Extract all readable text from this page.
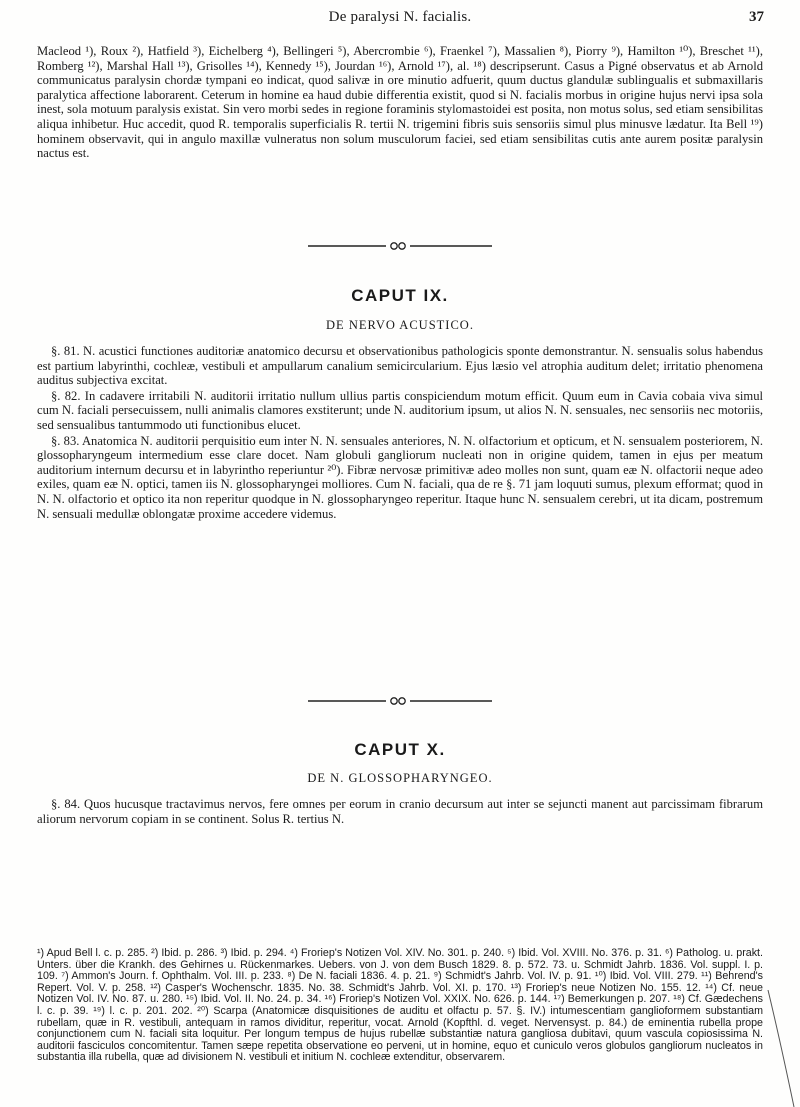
De paralysi N. facialis.	37

Macleod ¹), Roux ²), Hatfield ³), Eichelberg ⁴), Bellingeri ⁵), Abercrombie ⁶), Fraenkel ⁷), Massalien ⁸), Piorry ⁹), Hamilton ¹⁰), Breschet ¹¹), Romberg ¹²), Marshal Hall ¹³), Grisolles ¹⁴), Kennedy ¹⁵), Jourdan ¹⁶), Arnold ¹⁷), al. ¹⁸) descripserunt. Casus a Pigné observatus et ab Arnold communicatus paralysin chordæ tympani eo indicat, quod salivæ in ore minutio adfuerit, quum ductus glandulæ sublingualis et submaxillaris paralytica affectione laborarent. Ceterum in homine ea haud dubie differentia existit, quod si N. facialis morbus in origine hujus nervi ipsa sola inest, sola motuum paralysis existat. Sin vero morbi sedes in regione foraminis stylomastoidei est posita, non motus solus, sed etiam sensibilitas aliqua inhibetur. Huc accedit, quod R. temporalis superficialis R. tertii N. trigemini fibris suis sensoriis simul plus minusve lædatur. Ita Bell ¹⁹) hominem observavit, qui in angulo maxillæ vulneratus non solum musculorum faciei, sed etiam sensibilitas cutis ante aurem positæ paralysin nactus est.

CAPUT IX.
DE NERVO ACUSTICO.

§. 81. N. acustici functiones auditoriæ anatomico decursu et observationibus pathologicis sponte demonstrantur. N. sensualis solus habendus est partium labyrinthi, cochleæ, vestibuli et ampullarum canalium semicircularium. Ejus læsio vel atrophia auditum delet; irritatio phenomena auditus subjectiva excitat.

§. 82. In cadavere irritabili N. auditorii irritatio nullum ullius partis conspiciendum motum efficit. Quum eum in Cavia cobaia viva simul cum N. faciali persecuissem, nulli animalis clamores exstiterunt; unde N. auditorium ipsum, ut alios N. N. sensuales, nec sensoriis nec motoriis, sed sensualibus tantummodo uti functionibus elucet.

§. 83. Anatomica N. auditorii perquisitio eum inter N. N. sensuales anteriores, N. N. olfactorium et opticum, et N. sensualem posteriorem, N. glossopharyngeum intermedium esse clare docet. Nam globuli gangliorum nucleati non in origine quidem, tamen in ejus per meatum auditorium internum decursu et in labyrintho reperiuntur ²⁰). Fibræ nervosæ primitivæ adeo molles non sunt, quam eæ N. olfactorii neque adeo exiles, quam eæ N. optici, tamen iis N. glossopharyngei molliores. Cum N. faciali, qua de re §. 71 jam loquuti sumus, plexum efformat; quod in N. N. olfactorio et optico ita non reperitur quodque in N. glossopharyngeo reperitur. Itaque hunc N. sensualem cerebri, ut ita dicam, postremum N. sensuali medullæ oblongatæ proxime accedere videmus.

CAPUT X.
DE N. GLOSSOPHARYNGEO.

§. 84. Quos hucusque tractavimus nervos, fere omnes per eorum in cranio decursum aut inter se sejuncti manent aut parcissimam fibrarum aliorum nervorum copiam in se continent. Solus R. tertius N.

¹) Apud Bell l. c. p. 285. ²) Ibid. p. 286. ³) Ibid. p. 294. ⁴) Froriep's Notizen Vol. XIV. No. 301. p. 240. ⁵) Ibid. Vol. XVIII. No. 376. p. 31. ⁶) Patholog. u. prakt. Unters. über die Krankh. des Gehirnes u. Rückenmarkes. Uebers. von J. von dem Busch 1829. 8. p. 572. 73. u. Schmidt Jahrb. 1836. Vol. suppl. I. p. 109. ⁷) Ammon's Journ. f. Ophthalm. Vol. III. p. 233. ⁸) De N. faciali 1836. 4. p. 21. ⁹) Schmidt's Jahrb. Vol. IV. p. 91. ¹⁰) Ibid. Vol. VIII. 279. ¹¹) Behrend's Repert. Vol. V. p. 258. ¹²) Casper's Wochenschr. 1835. No. 38. Schmidt's Jahrb. Vol. XI. p. 170. ¹³) Froriep's neue Notizen No. 155. 12. ¹⁴) Cf. neue Notizen Vol. IV. No. 87. u. 280. ¹⁵) Ibid. Vol. II. No. 24. p. 34. ¹⁶) Froriep's Notizen Vol. XXIX. No. 626. p. 144. ¹⁷) Bemerkungen p. 207. ¹⁸) Cf. Gædechens l. c. p. 39. ¹⁹) l. c. p. 201. 202. ²⁰) Scarpa (Anatomicæ disquisitiones de auditu et olfactu p. 57. §. IV.) intumescentiam ganglioformem substantiam rubellam, quæ in R. vestibuli, antequam in ramos dividitur, reperitur, vocat. Arnold (Kopfthl. d. veget. Nervensyst. p. 84.) de eminentia rubella prope conjunctionem cum N. faciali sita loquitur. Per longum tempus de hujus rubellæ substantiæ natura gangliosa dubitavi, quum vascula copiosissima N. auditorii fasciculos concomitentur. Tamen sæpe repetita observatione eo perveni, ut in homine, equo et cuniculo veros globulos gangliorum nucleatos in substantia illa rubella, quæ ad divisionem N. vestibuli et initium N. cochleæ extenditur, observarem.
